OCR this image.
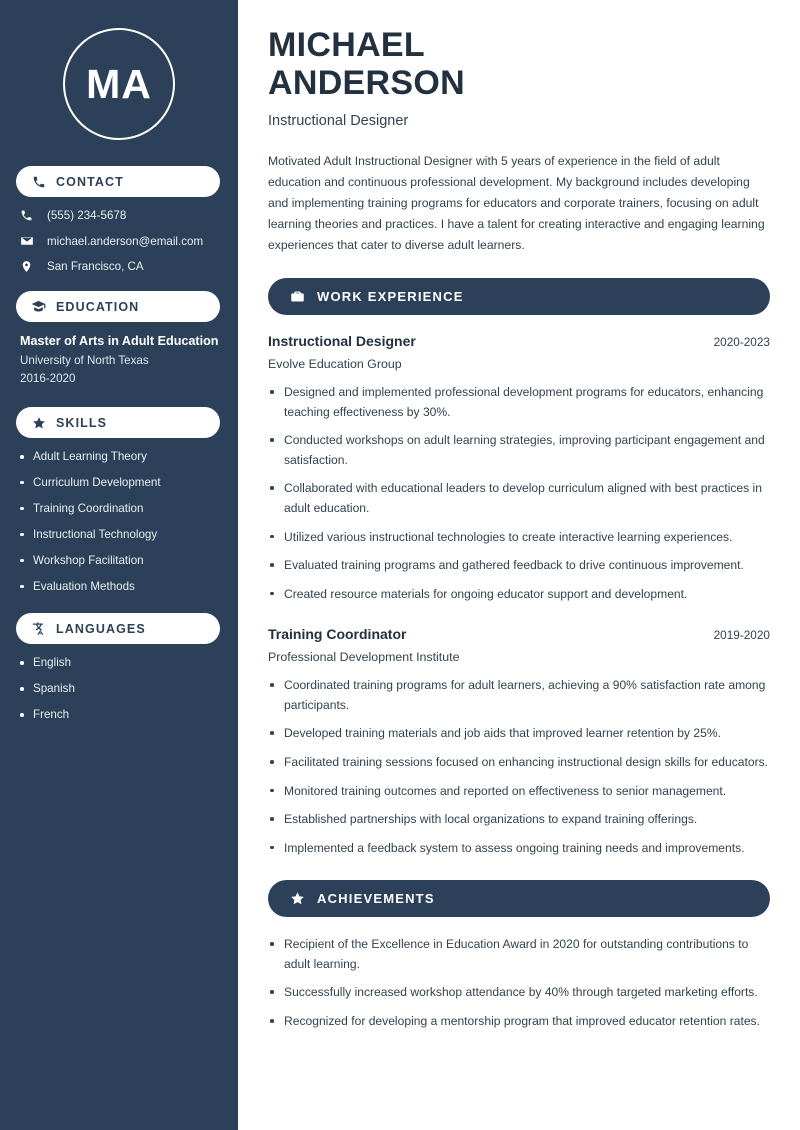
MA
CONTACT
(555) 234-5678
michael.anderson@email.com
San Francisco, CA
EDUCATION
Master of Arts in Adult Education
University of North Texas
2016-2020
SKILLS
Adult Learning Theory
Curriculum Development
Training Coordination
Instructional Technology
Workshop Facilitation
Evaluation Methods
LANGUAGES
English
Spanish
French
MICHAEL
ANDERSON
Instructional Designer

Motivated Adult Instructional Designer with 5 years of experience in the field of adult education and continuous professional development. My background includes developing and implementing training programs for educators and corporate trainers, focusing on adult learning theories and practices. I have a talent for creating interactive and engaging learning experiences that cater to diverse adult learners.

WORK EXPERIENCE
Instructional Designer	2020-2023
Evolve Education Group
Designed and implemented professional development programs for educators, enhancing teaching effectiveness by 30%.
Conducted workshops on adult learning strategies, improving participant engagement and satisfaction.
Collaborated with educational leaders to develop curriculum aligned with best practices in adult education.
Utilized various instructional technologies to create interactive learning experiences.
Evaluated training programs and gathered feedback to drive continuous improvement.
Created resource materials for ongoing educator support and development.
Training Coordinator	2019-2020
Professional Development Institute
Coordinated training programs for adult learners, achieving a 90% satisfaction rate among participants.
Developed training materials and job aids that improved learner retention by 25%.
Facilitated training sessions focused on enhancing instructional design skills for educators.
Monitored training outcomes and reported on effectiveness to senior management.
Established partnerships with local organizations to expand training offerings.
Implemented a feedback system to assess ongoing training needs and improvements.
ACHIEVEMENTS
Recipient of the Excellence in Education Award in 2020 for outstanding contributions to adult learning.
Successfully increased workshop attendance by 40% through targeted marketing efforts.
Recognized for developing a mentorship program that improved educator retention rates.
